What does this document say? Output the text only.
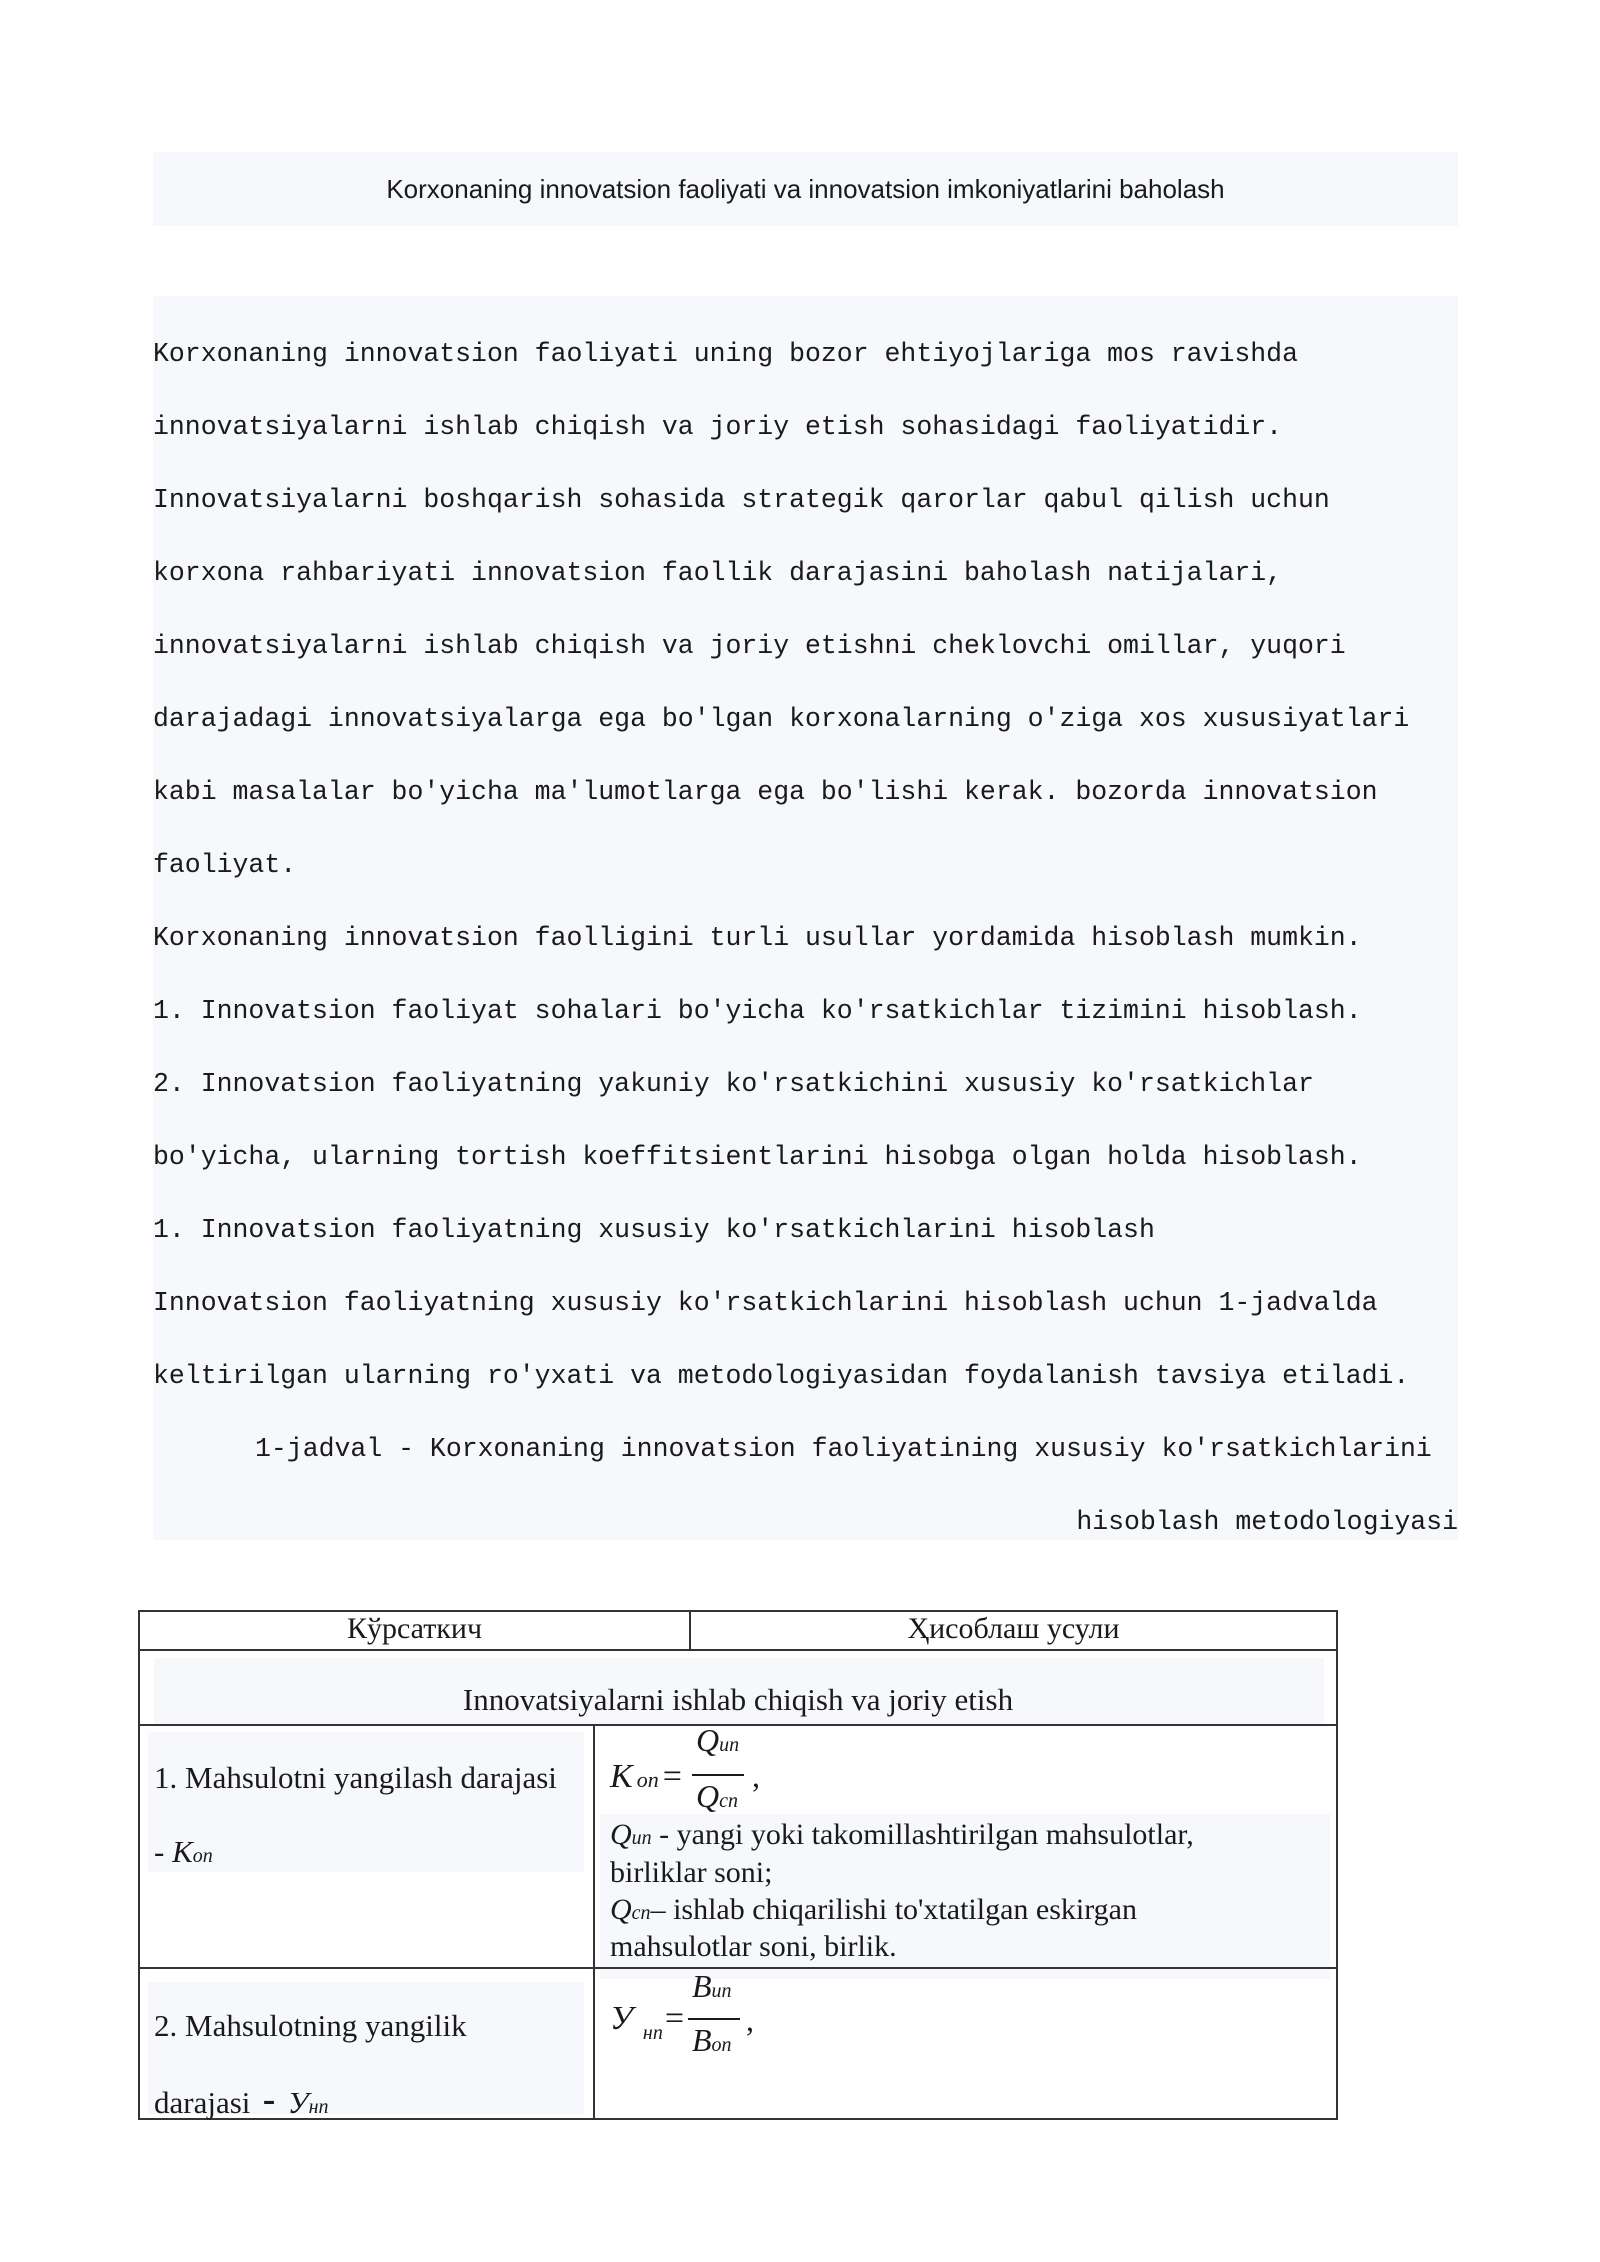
Korxonaning innovatsion faoliyati va innovatsion imkoniyatlarini baholash
Korxonaning innovatsion faoliyati uning bozor ehtiyojlariga mos ravishda
innovatsiyalarni ishlab chiqish va joriy etish sohasidagi faoliyatidir.
Innovatsiyalarni boshqarish sohasida strategik qarorlar qabul qilish uchun
korxona rahbariyati innovatsion faollik darajasini baholash natijalari,
innovatsiyalarni ishlab chiqish va joriy etishni cheklovchi omillar, yuqori
darajadagi innovatsiyalarga ega bo'lgan korxonalarning o'ziga xos xususiyatlari
kabi masalalar bo'yicha ma'lumotlarga ega bo'lishi kerak. bozorda innovatsion
faoliyat.
Korxonaning innovatsion faolligini turli usullar yordamida hisoblash mumkin.
1. Innovatsion faoliyat sohalari bo'yicha ko'rsatkichlar tizimini hisoblash.
2. Innovatsion faoliyatning yakuniy ko'rsatkichini xususiy ko'rsatkichlar
bo'yicha, ularning tortish koeffitsientlarini hisobga olgan holda hisoblash.
1. Innovatsion faoliyatning xususiy ko'rsatkichlarini hisoblash
Innovatsion faoliyatning xususiy ko'rsatkichlarini hisoblash uchun 1-jadvalda
keltirilgan ularning ro'yxati va metodologiyasidan foydalanish tavsiya etiladi.
1-jadval - Korxonaning innovatsion faoliyatining xususiy ko'rsatkichlarini
hisoblash metodologiyasi
Кўрсаткич	Ҳисоблаш усули
Innovatsiyalarni ishlab chiqish va joriy etish
1. Mahsulotni yangilash darajasi
- Kon
Kon =
Qun
Qcn
,
Qun - yangi yoki takomillashtirilgan mahsulotlar,
birliklar soni;
Qcn– ishlab chiqarilishi to'xtatilgan eskirgan
mahsulotlar soni, birlik.
2. Mahsulotning yangilik
darajasi - Унп
У $_{нп}$=
Bun
Bon
,
